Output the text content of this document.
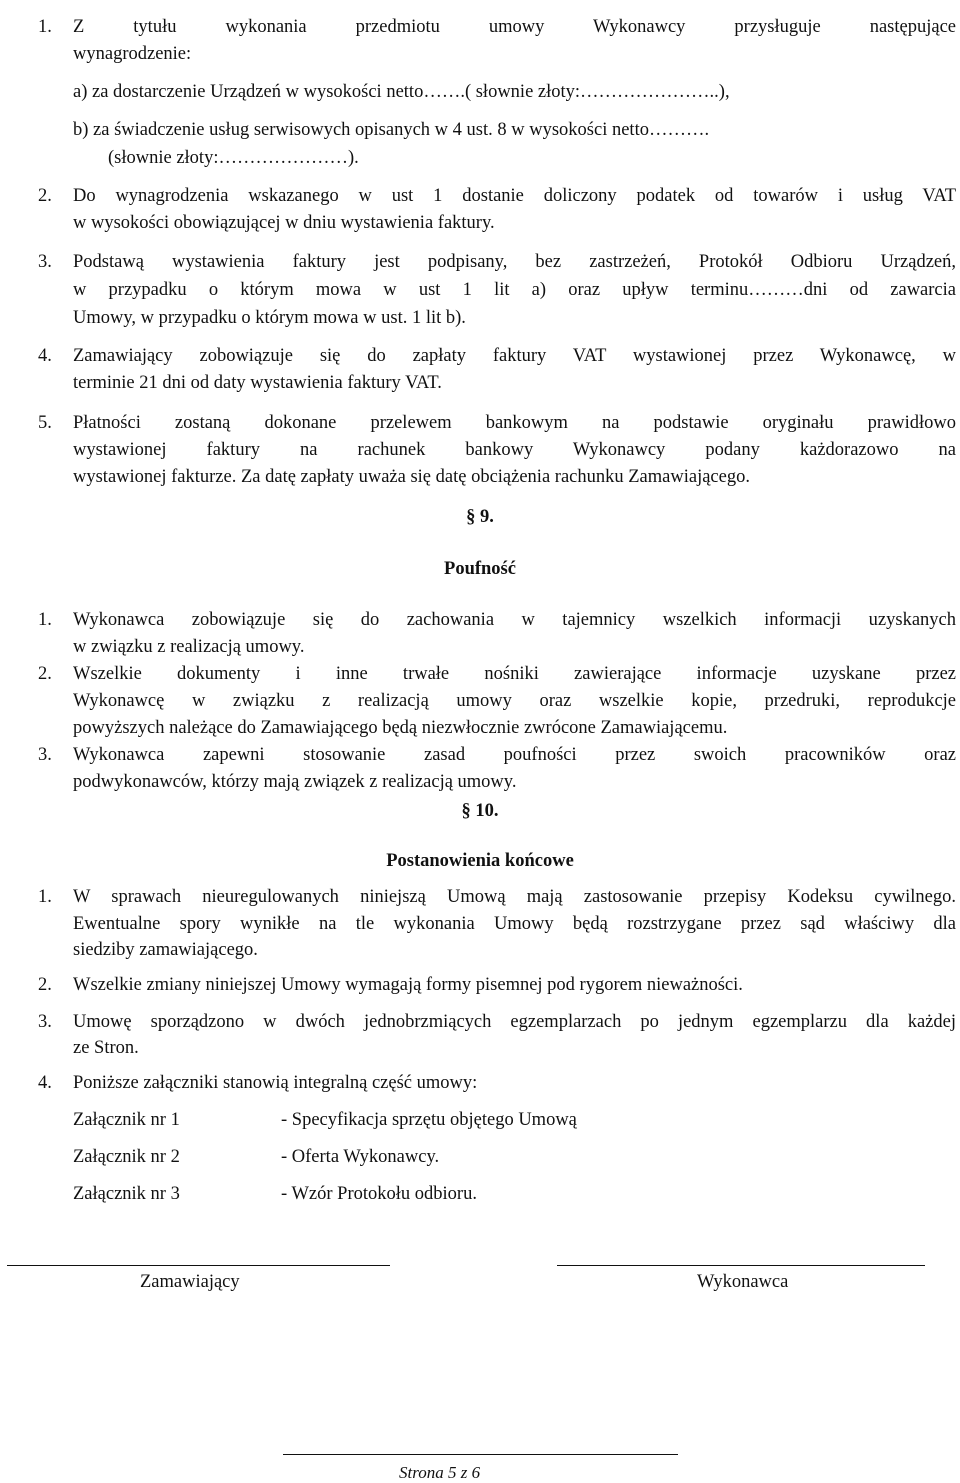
1. Z tytułu wykonania przedmiotu umowy Wykonawcy przysługuje następujące
wynagrodzenie:
a) za dostarczenie Urządzeń w wysokości netto…….( słownie złoty:…………………..),
b) za świadczenie usług serwisowych opisanych w 4 ust. 8 w wysokości netto……….
(słownie złoty:…………………).
2. Do wynagrodzenia wskazanego w ust 1 dostanie doliczony podatek od towarów i usług VAT
w wysokości obowiązującej w dniu wystawienia faktury.
3. Podstawą wystawienia faktury jest podpisany, bez zastrzeżeń, Protokół Odbioru Urządzeń,
w przypadku o którym mowa w ust 1 lit a) oraz upływ terminu………dni od zawarcia
Umowy, w przypadku o którym mowa w ust. 1 lit b).
4. Zamawiający zobowiązuje się do zapłaty faktury VAT wystawionej przez Wykonawcę, w
terminie 21 dni od daty wystawienia faktury VAT.
5. Płatności zostaną dokonane przelewem bankowym na podstawie oryginału prawidłowo
wystawionej faktury na rachunek bankowy Wykonawcy podany każdorazowo na
wystawionej fakturze. Za datę zapłaty uważa się datę obciążenia rachunku Zamawiającego.
§ 9.
Poufność
1. Wykonawca zobowiązuje się do zachowania w tajemnicy wszelkich informacji uzyskanych
w związku z realizacją umowy.
2. Wszelkie dokumenty i inne trwałe nośniki zawierające informacje uzyskane przez
Wykonawcę w związku z realizacją umowy oraz wszelkie kopie, przedruki, reprodukcje
powyższych należące do Zamawiającego będą niezwłocznie zwrócone Zamawiającemu.
3. Wykonawca zapewni stosowanie zasad poufności przez swoich pracowników oraz
podwykonawców, którzy mają związek z realizacją umowy.
§ 10.
Postanowienia końcowe
1. W sprawach nieuregulowanych niniejszą Umową mają zastosowanie przepisy Kodeksu cywilnego.
Ewentualne spory wynikłe na tle wykonania Umowy będą rozstrzygane przez sąd właściwy dla
siedziby zamawiającego.
2. Wszelkie zmiany niniejszej Umowy wymagają formy pisemnej pod rygorem nieważności.
3. Umowę sporządzono w dwóch jednobrzmiących egzemplarzach po jednym egzemplarzu dla każdej
ze Stron.
4. Poniższe załączniki stanowią integralną część umowy:
Załącznik nr 1	- Specyfikacja sprzętu objętego Umową
Załącznik nr 2	- Oferta Wykonawcy.
Załącznik nr 3	- Wzór Protokołu odbioru.
Zamawiający	Wykonawca
Strona 5 z 6
